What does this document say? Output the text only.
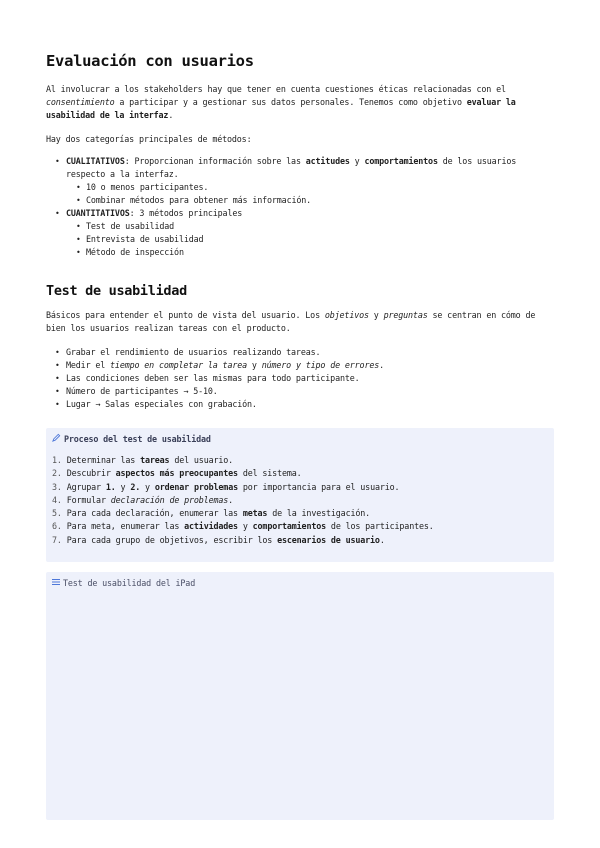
Evaluación con usuarios

Al involucrar a los stakeholders hay que tener en cuenta cuestiones éticas relacionadas con el consentimiento a participar y a gestionar sus datos personales. Tenemos como objetivo evaluar la usabilidad de la interfaz.

Hay dos categorías principales de métodos:

• CUALITATIVOS: Proporcionan información sobre las actitudes y comportamientos de los usuarios respecto a la interfaz.
• 10 o menos participantes.
• Combinar métodos para obtener más información.
• CUANTITATIVOS: 3 métodos principales
• Test de usabilidad
• Entrevista de usabilidad
• Método de inspección
Test de usabilidad

Básicos para entender el punto de vista del usuario. Los objetivos y preguntas se centran en cómo de bien los usuarios realizan tareas con el producto.

• Grabar el rendimiento de usuarios realizando tareas.
• Medir el tiempo en completar la tarea y número y tipo de errores.
• Las condiciones deben ser las mismas para todo participante.
• Número de participantes → 5-10.
• Lugar → Salas especiales con grabación.
Proceso del test de usabilidad
1. Determinar las tareas del usuario.
2. Descubrir aspectos más preocupantes del sistema.
3. Agrupar 1. y 2. y ordenar problemas por importancia para el usuario.
4. Formular declaración de problemas.
5. Para cada declaración, enumerar las metas de la investigación.
6. Para meta, enumerar las actividades y comportamientos de los participantes.
7. Para cada grupo de objetivos, escribir los escenarios de usuario.
Test de usabilidad del iPad
